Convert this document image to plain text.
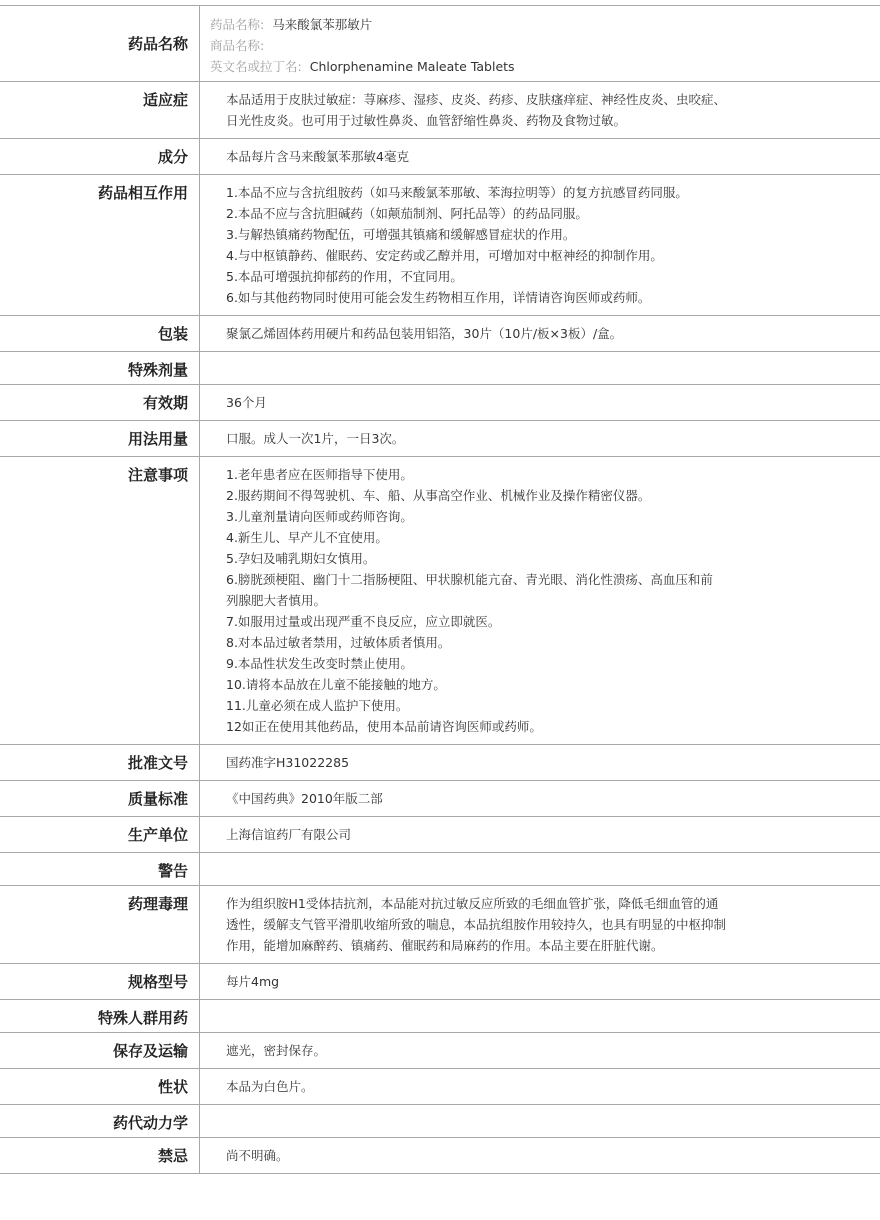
药品名称
药品名称: 马来酸氯苯那敏片
商品名称:
英文名或拉丁名: Chlorphenamine Maleate Tablets
适应症	本品适用于皮肤过敏症：荨麻疹、湿疹、皮炎、药疹、皮肤瘙痒症、神经性皮炎、虫咬症、
日光性皮炎。也可用于过敏性鼻炎、血管舒缩性鼻炎、药物及食物过敏。
成分	本品每片含马来酸氯苯那敏4毫克
药品相互作用	1.本品不应与含抗组胺药（如马来酸氯苯那敏、苯海拉明等）的复方抗感冒药同服。
2.本品不应与含抗胆碱药（如颠茄制剂、阿托品等）的药品同服。
3.与解热镇痛药物配伍，可增强其镇痛和缓解感冒症状的作用。
4.与中枢镇静药、催眠药、安定药或乙醇并用，可增加对中枢神经的抑制作用。
5.本品可增强抗抑郁药的作用，不宜同用。
6.如与其他药物同时使用可能会发生药物相互作用，详情请咨询医师或药师。
包装	聚氯乙烯固体药用硬片和药品包装用铝箔，30片（10片/板×3板）/盒。
特殊剂量
有效期	36个月
用法用量	口服。成人一次1片，一日3次。
注意事项	1.老年患者应在医师指导下使用。
2.服药期间不得驾驶机、车、船、从事高空作业、机械作业及操作精密仪器。
3.儿童剂量请向医师或药师咨询。
4.新生儿、早产儿不宜使用。
5.孕妇及哺乳期妇女慎用。
6.膀胱颈梗阻、幽门十二指肠梗阻、甲状腺机能亢奋、青光眼、消化性溃疡、高血压和前
列腺肥大者慎用。
7.如服用过量或出现严重不良反应，应立即就医。
8.对本品过敏者禁用，过敏体质者慎用。
9.本品性状发生改变时禁止使用。
10.请将本品放在儿童不能接触的地方。
11.儿童必须在成人监护下使用。
12如正在使用其他药品，使用本品前请咨询医师或药师。
批准文号	国药准字H31022285
质量标准	《中国药典》2010年版二部
生产单位	上海信谊药厂有限公司
警告
药理毒理	作为组织胺H1受体拮抗剂，本品能对抗过敏反应所致的毛细血管扩张，降低毛细血管的通
透性，缓解支气管平滑肌收缩所致的喘息，本品抗组胺作用较持久，也具有明显的中枢抑制
作用，能增加麻醉药、镇痛药、催眠药和局麻药的作用。本品主要在肝脏代谢。
规格型号	每片4mg
特殊人群用药
保存及运输	遮光，密封保存。
性状	本品为白色片。
药代动力学
禁忌	尚不明确。
